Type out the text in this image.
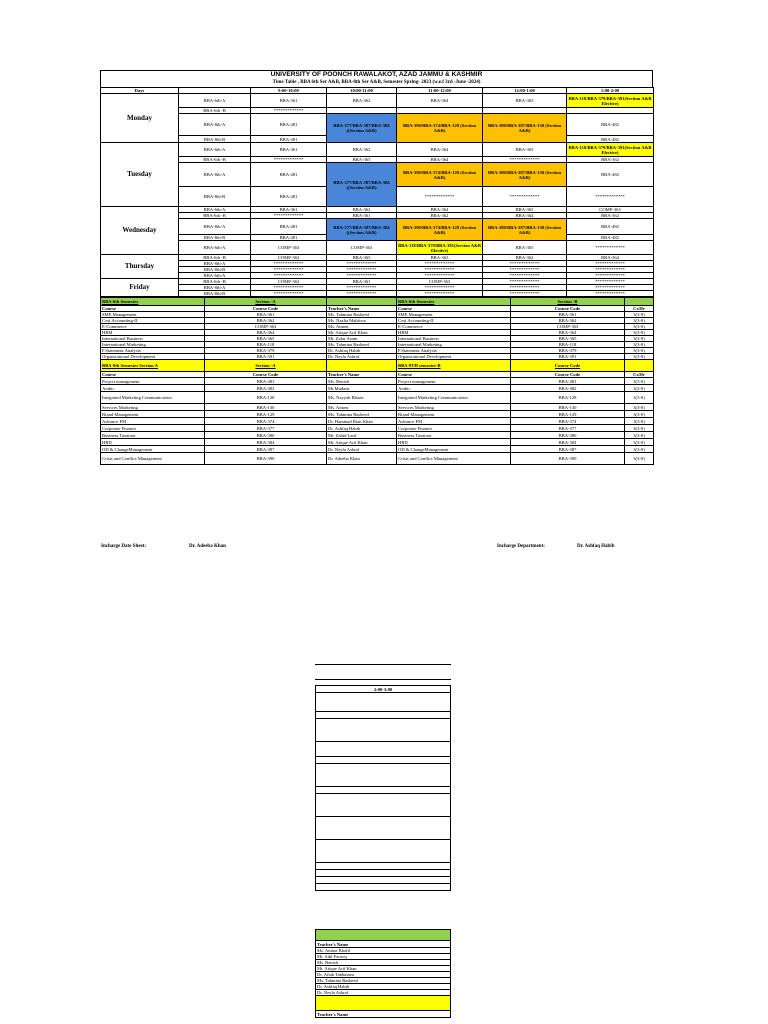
UNIVERSITY OF POONCH RAWALAKOT, AZAD JAMMU & KASHMIR
Time Table , BBA 6th Ser A&B, BBA-8th Ser A&B, Semester Spring- 2023 (w.e.f 3rd -June -2024)
Days		9:00-10:00	10:00-11:00	11:00-12:00	12:00-1:00	1:00-2:00
Monday	BBA-6th-A	BBA-361	BBA-362	BBA-364	BBA-365	BBA-118/BBA-379/BBA-391(Section A&B Elective)
	BBA-6th -B	*************				
	BBA-8th-A	BBA-481	BBA-377/BBA-387/BBA-384 ((Section A&B)	BBA-390/BBA-374/BBA-128 (Section A&B)	BBA-380/BBA-387/BBA-130 (Section A&B)	BBA-482
	BBA-8th-B	BBA-481				BBA-482
Tuesday	BBA-6th-A	BBA-361	BBA-362	BBA-364	BBA-365	BBA-118/BBA-379/BBA-391(Section A&B Elective)
	BBA-6th -B	*************	BBA-365	BBA-364	*************	BBA-362
	BBA-8th-A	BBA-481	BBA-377/BBA-387/BBA-384 ((Section A&B)	BBA-390/BBA-374/BBA-128 (Section A&B)	BBA-380/BBA-387/BBA-130 (Section A&B)	BBA-482
	BBA-8th-B	BBA-481		*************	*************	*************
Wednesday	BBA-6th-A	BBA-361	BBA-362	BBA-364	BBA-365	COMP-363
	BBA-6th -B	*************	BBA-361	BBA-362	BBA-364	BBA-362
	BBA-8th-A	BBA-481	BBA-377/BBA-387/BBA-384 ((Section A&B)	BBA-390/BBA-374/BBA-128 (Section A&B)	BBA-380/BBA-387/BBA-130 (Section A&B)	BBA-482
	BBA-8th-B	BBA-481				BBA-482
	BBA-6th-A	COMP-363	COMP-363	BBA-118/BBA-379/BBA-391(Section A&B Elective)	BBA-365	*************
Thursday	BBA-6th -B	COMP-363	BBA-365	BBA-363	BBA-362	BBA-364
	BBA-8th-A	*************	*************	*************	*************	*************
	BBA-8th-B	*************	*************	*************	*************	*************
	BBA-6th-A	*************	*************	*************	*************	*************
Friday	BBA-6th -B	COMP-363	BBA-361	COMP-363	*************	*************
	BBA-8th-A	*************	*************	*************	*************	*************
	BBA-8th-B	*************	*************	*************	*************	*************
BBA-6th Semester	Section -A			BBA-6th Semester	Section -B	
Course	Course Code		Teacher's Name	Course	Course Code	Cr.Hr
SME Management	BBA-361		Ms. Tahmina Rasheed	SME Management	BBA-361	3(3-0)
Cost Accounting-II	BBA-362		Ms. Nazlia Mahfooz	Cost Accounting-II	BBA-362	3(3-0)
E-Commerce	COMP-363		Ms. Aimen	E-Commerce	COMP-363	3(3-0)
HRM	BBA-364		Mr. Atique Arif Khan	HRM	BBA-364	3(3-0)
International Business	BBA-365		Mr. Zafar Azam	International Business	BBA-365	3(3-0)
International Marketing	BBA-118		Ms. Tahmina Rasheed	International Marketing	BBA-118	3(3-0)
F.Statement Analysis	BBA-379		Dr. Ashfaq Habib	F.Statement Analysis	BBA-379	3(3-0)
Organizational Development	BBA-391		Dr. Neyla Ashraf	Organizational Development	BBA-391	3(3-0)
BBA-8th Semester Section A	Section -A			BBA-8TH semester-B	Course Code	
Course	Course Code		Teacher's Name	Course	Course Code	Cr.Hr
Project management	BBA-481		Ms. Benish	Project management	BBA-481	3(3-0)
Arabic	BBA-482		Mr.Mudasir	Arabic	BBA-482	2(2-0)
Integrated Marketing Communication	BBA-128		Ms. Nayyab Bhazir	Integrated Marketing Communication	BBA-128	3(3-0)
Services Marketing	BBA-130		Ms. Aimen	Services Marketing	BBA-130	3(3-0)
Brand Management	BBA-129		Ms. Tahmina Rasheed	Brand Management	BBA-129	3(3-0)
Advance FM	BBA-374		Dr. Hammad Rian Khan	Advance FM	BBA-374	3(3-0)
Corporate Finance	BBA-377		Dr. Ashfaq Habib	Corporate Finance	BBA-377	3(3-0)
Business Taxation	BBA-380		Mr. Zahid Latif	Business Taxation	BBA-380	3(3-0)
HRD	BBA-384		Mr. Atique Arif Khan	HRD	BBA-384	3(3-0)
OD & ChangeManagement	BBA-387		Dr. Neyla Ashraf	OD & ChangeManagement	BBA-387	3(3-0)
Crisis and Conflict Management	BBA-390		Dr. Adeeba Khan	Crisis and Conflict Management	BBA-390	3(3-0)
Incharge Date Sheet:	Dr. Adeeba Khan	Incharge Department:	Dr. Ashfaq Habib
2:00-3:00

Teacher's Name
Ms. Amina Khalil
Mr. Adil Farooq
Ms. Benish
Mr. Atique Arif Khan
Dr. Aftab Tabbasum
Ms. Tahmina Rasheed
Dr. Ashfaq Habib
Dr. Neyla Ashraf

Teacher's Name
